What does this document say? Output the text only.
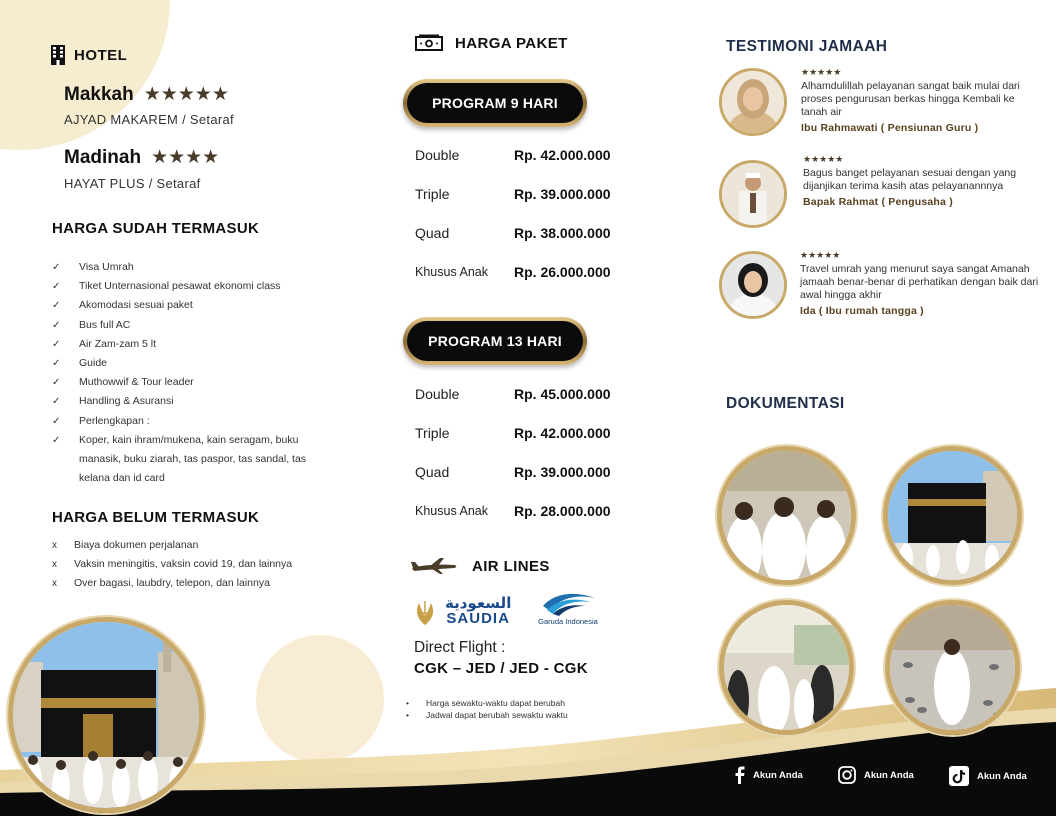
HOTEL
Makkah ★★★★★
AJYAD MAKAREM / Setaraf
Madinah ★★★★
HAYAT PLUS / Setaraf
HARGA SUDAH TERMASUK
✓	Visa Umrah
✓	Tiket Unternasional pesawat ekonomi class
✓	Akomodasi sesuai paket
✓	Bus full AC
✓	Air Zam-zam 5 lt
✓	Guide
✓	Muthowwif & Tour leader
✓	Handling & Asuransi
✓	Perlengkapan :
✓	Koper, kain ihram/mukena, kain seragam, buku
manasik, buku ziarah, tas paspor, tas sandal, tas
kelana dan id card
HARGA BELUM TERMASUK
x	Biaya dokumen perjalanan
x	Vaksin meningitis, vaksin covid 19, dan lainnya
x	Over bagasi, laubdry, telepon, dan lainnya
HARGA PAKET
PROGRAM 9 HARI
Double	Rp. 42.000.000
Triple	Rp. 39.000.000
Quad	Rp. 38.000.000
Khusus Anak	Rp. 26.000.000
PROGRAM 13 HARI
Double	Rp. 45.000.000
Triple	Rp. 42.000.000
Quad	Rp. 39.000.000
Khusus Anak	Rp. 28.000.000
AIR LINES
السعودية
SAUDIA	Garuda Indonesia
Direct Flight :
CGK – JED / JED - CGK
•	Harga sewaktu-waktu dapat berubah
•	Jadwal dapat berubah sewaktu waktu
TESTIMONI JAMAAH
★★★★★
Alhamdulillah pelayanan sangat baik mulai dari proses pengurusan berkas hingga Kembali ke tanah air
Ibu Rahmawati ( Pensiunan Guru )
★★★★★
Bagus banget pelayanan sesuai dengan yang dijanjikan terima kasih atas pelayanannnya
Bapak Rahmat ( Pengusaha )
★★★★★
Travel umrah yang menurut saya sangat Amanah jamaah benar-benar di perhatikan dengan baik dari awal hingga akhir
Ida ( Ibu rumah tangga )
DOKUMENTASI
Akun Anda	Akun Anda	Akun Anda
